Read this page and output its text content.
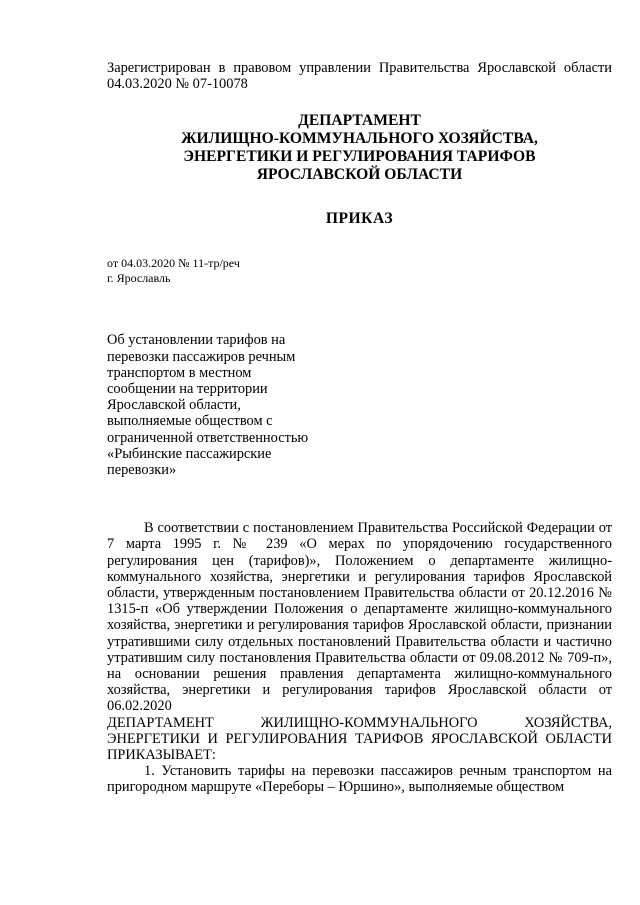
Зарегистрирован в правовом управлении Правительства Ярославской области 04.03.2020 № 07-10078

ДЕПАРТАМЕНТ
ЖИЛИЩНО-КОММУНАЛЬНОГО ХОЗЯЙСТВА,
ЭНЕРГЕТИКИ И РЕГУЛИРОВАНИЯ ТАРИФОВ
ЯРОСЛАВСКОЙ ОБЛАСТИ
ПРИКАЗ
от 04.03.2020 № 11-тр/реч
г. Ярославль
Об установлении тарифов на
перевозки пассажиров речным
транспортом в местном
сообщении на территории
Ярославской области,
выполняемые обществом с
ограниченной ответственностью
«Рыбинские пассажирские
перевозки»

В соответствии с постановлением Правительства Российской Федерации от 7 марта 1995 г. № 239 «О мерах по упорядочению государственного регулирования цен (тарифов)», Положением о департаменте жилищно-коммунального хозяйства, энергетики и регулирования тарифов Ярославской области, утвержденным постановлением Правительства области от 20.12.2016 № 1315-п «Об утверждении Положения о департаменте жилищно-коммунального хозяйства, энергетики и регулирования тарифов Ярославской области, признании утратившими силу отдельных постановлений Правительства области и частично утратившим силу постановления Правительства области от 09.08.2012 № 709-п», на основании решения правления департамента жилищно-коммунального хозяйства, энергетики и регулирования тарифов Ярославской области от 06.02.2020

ДЕПАРТАМЕНТ ЖИЛИЩНО-КОММУНАЛЬНОГО ХОЗЯЙСТВА, ЭНЕРГЕТИКИ И РЕГУЛИРОВАНИЯ ТАРИФОВ ЯРОСЛАВСКОЙ ОБЛАСТИ ПРИКАЗЫВАЕТ:

1. Установить тарифы на перевозки пассажиров речным транспортом на пригородном маршруте «Переборы – Юршино», выполняемые обществом
